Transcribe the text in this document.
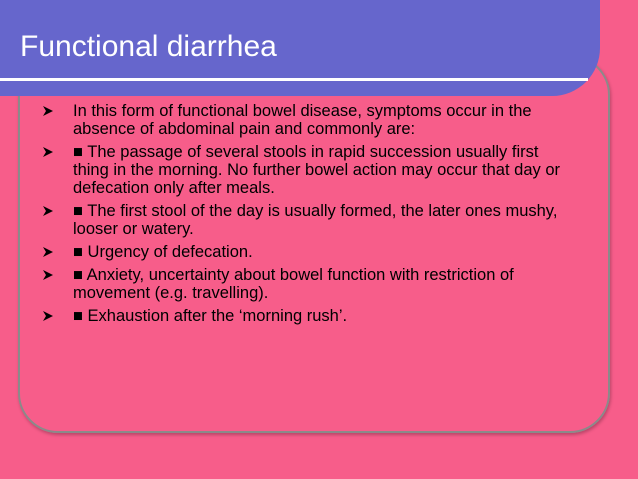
Functional diarrhea
In this form of functional bowel disease, symptoms occur in the absence of abdominal pain and commonly are:
■ The passage of several stools in rapid succession usually first thing in the morning. No further bowel action may occur that day or defecation only after meals.
■ The first stool of the day is usually formed, the later ones mushy, looser or watery.
■ Urgency of defecation.
■ Anxiety, uncertainty about bowel function with restriction of movement (e.g. travelling).
■ Exhaustion after the ‘morning rush’.
